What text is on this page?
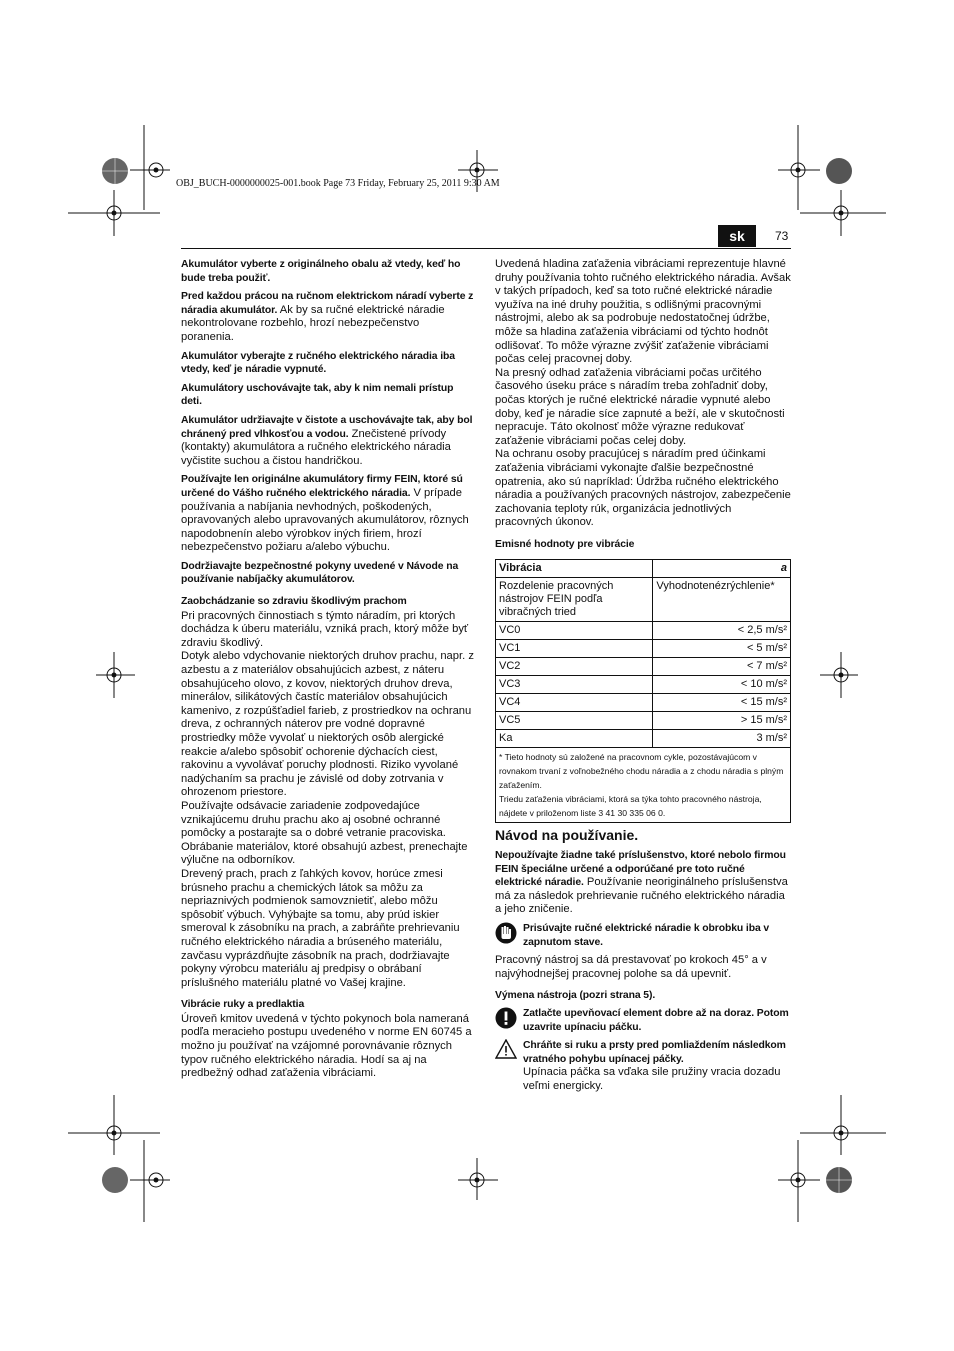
OBJ_BUCH-0000000025-001.book Page 73 Friday, February 25, 2011 9:30 AM
sk	73

Akumulátor vyberte z originálneho obalu až vtedy, keď ho bude treba použiť.

Pred každou prácou na ručnom elektrickom náradí vyberte z náradia akumulátor. Ak by sa ručné elektrické náradie nekontrolovane rozbehlo, hrozí nebezpečenstvo poranenia.

Akumulátor vyberajte z ručného elektrického náradia iba vtedy, keď je náradie vypnuté.

Akumulátory uschovávajte tak, aby k nim nemali prístup deti.

Akumulátor udržiavajte v čistote a uschovávajte tak, aby bol chránený pred vlhkosťou a vodou. Znečistené prívody (kontakty) akumulátora a ručného elektrického náradia vyčistite suchou a čistou handričkou.

Používajte len originálne akumulátory firmy FEIN, ktoré sú určené do Vášho ručného elektrického náradia. V prípade používania a nabíjania nevhodných, poškodených, opravovaných alebo upravovaných akumulátorov, rôznych napodobnenín alebo výrobkov iných firiem, hrozí nebezpečenstvo požiaru a/alebo výbuchu.

Dodržiavajte bezpečnostné pokyny uvedené v Návode na používanie nabíjačky akumulátorov.

Zaobchádzanie so zdraviu škodlivým prachom
Pri pracovných činnostiach s týmto náradím, pri ktorých dochádza k úberu materiálu, vzniká prach, ktorý môže byť zdraviu škodlivý.
Dotyk alebo vdychovanie niektorých druhov prachu, napr. z azbestu a z materiálov obsahujúcich azbest, z náteru obsahujúceho olovo, z kovov, niektorých druhov dreva, minerálov, silikátových častíc materiálov obsahujúcich kamenivo, z rozpúšťadiel farieb, z prostriedkov na ochranu dreva, z ochranných náterov pre vodné dopravné prostriedky môže vyvolať u niektorých osôb alergické reakcie a/alebo spôsobiť ochorenie dýchacích ciest, rakovinu a vyvolávať poruchy plodnosti. Riziko vyvolané nadýchaním sa prachu je závislé od doby zotrvania v ohrozenom priestore.
Používajte odsávacie zariadenie zodpovedajúce vznikajúcemu druhu prachu ako aj osobné ochranné pomôcky a postarajte sa o dobré vetranie pracoviska.
Obrábanie materiálov, ktoré obsahujú azbest, prenechajte výlučne na odborníkov.
Drevený prach, prach z ľahkých kovov, horúce zmesi brúsneho prachu a chemických látok sa môžu za nepriaznivých podmienok samovznietiť, alebo môžu spôsobiť výbuch. Vyhýbajte sa tomu, aby prúd iskier smeroval k zásobníku na prach, a zabráňte prehrievaniu ručného elektrického náradia a brúseného materiálu, zavčasu vyprázdňujte zásobník na prach, dodržiavajte pokyny výrobcu materiálu aj predpisy o obrábaní príslušného materiálu platné vo Vašej krajine.
Vibrácie ruky a predlaktia
Úroveň kmitov uvedená v týchto pokynoch bola nameraná podľa meracieho postupu uvedeného v norme EN 60745 a možno ju používať na vzájomné porovnávanie rôznych typov ručného elektrického náradia. Hodí sa aj na predbežný odhad zaťaženia vibráciami.
Uvedená hladina zaťaženia vibráciami reprezentuje hlavné druhy používania tohto ručného elektrického náradia. Avšak v takých prípadoch, keď sa toto ručné elektrické náradie využíva na iné druhy použitia, s odlišnými pracovnými nástrojmi, alebo ak sa podrobuje nedostatočnej údržbe, môže sa hladina zaťaženia vibráciami od týchto hodnôt odlišovať. To môže výrazne zvýšiť zaťaženie vibráciami počas celej pracovnej doby.
Na presný odhad zaťaženia vibráciami počas určitého časového úseku práce s náradím treba zohľadniť doby, počas ktorých je ručné elektrické náradie vypnuté alebo doby, keď je náradie síce zapnuté a beží, ale v skutočnosti nepracuje. Táto okolnosť môže výrazne redukovať zaťaženie vibráciami počas celej doby.
Na ochranu osoby pracujúcej s náradím pred účinkami zaťaženia vibráciami vykonajte ďalšie bezpečnostné opatrenia, ako sú napríklad: Údržba ručného elektrického náradia a používaných pracovných nástrojov, zabezpečenie zachovania teploty rúk, organizácia jednotlivých pracovných úkonov.
Emisné hodnoty pre vibrácie
Vibrácia	a
Rozdelenie pracovných nástrojov FEIN podľa vibračných tried	Vyhodnotenézrýchlenie*
VC0	< 2,5 m/s²
VC1	< 5 m/s²
VC2	< 7 m/s²
VC3	< 10 m/s²
VC4	< 15 m/s²
VC5	> 15 m/s²
Ka	3 m/s²

* Tieto hodnoty sú založené na pracovnom cykle, pozostávajúcom v rovnakom trvaní z voľnobežného chodu náradia a z chodu náradia s plným zaťažením.
Triedu zaťaženia vibráciami, ktorá sa týka tohto pracovného nástroja, nájdete v priloženom liste 3 41 30 335 06 0.	
Návod na používanie.

Nepoužívajte žiadne také príslušenstvo, ktoré nebolo firmou FEIN špeciálne určené a odporúčané pre toto ručné elektrické náradie. Používanie neoriginálneho príslušenstva má za následok prehrievanie ručného elektrického náradia a jeho zničenie.

Prisúvajte ručné elektrické náradie k obrobku iba v zapnutom stave.

Pracovný nástroj sa dá prestavovať po krokoch 45° a v najvýhodnejšej pracovnej polohe sa dá upevniť.

Výmena nástroja (pozri strana 5).
Zatlačte upevňovací element dobre až na doraz. Potom uzavrite upínaciu páčku.
Chráňte si ruku a prsty pred pomliaždením následkom vratného pohybu upínacej páčky.
Upínacia páčka sa vďaka sile pružiny vracia dozadu veľmi energicky.
